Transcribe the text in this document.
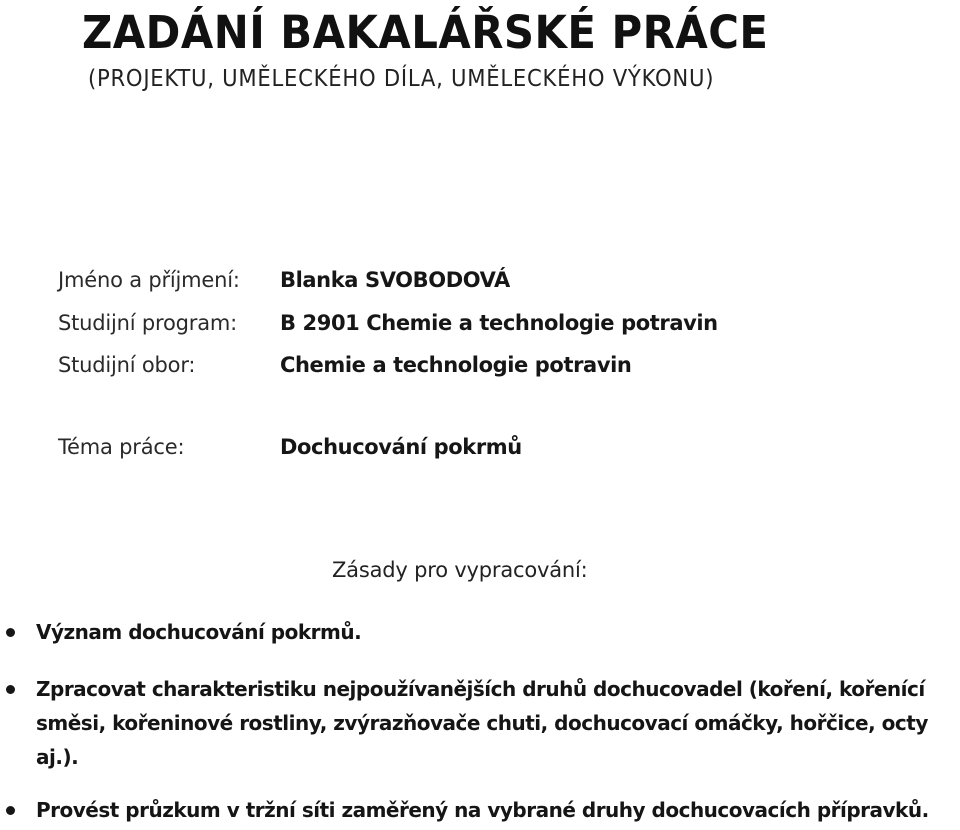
ZADÁNÍ BAKALÁŘSKÉ PRÁCE
(PROJEKTU, UMĚLECKÉHO DÍLA, UMĚLECKÉHO VÝKONU)
Jméno a příjmení:	Blanka SVOBODOVÁ
Studijní program:	B 2901 Chemie a technologie potravin
Studijní obor:	Chemie a technologie potravin
Téma práce:	Dochucování pokrmů
Zásady pro vypracování:
Význam dochucování pokrmů.
Zpracovat charakteristiku nejpoužívanějších druhů dochucovadel (koření, kořenící směsi, kořeninové rostliny, zvýrazňovače chuti, dochucovací omáčky, hořčice, octy aj.).
Provést průzkum v tržní síti zaměřený na vybrané druhy dochucovacích přípravků.
